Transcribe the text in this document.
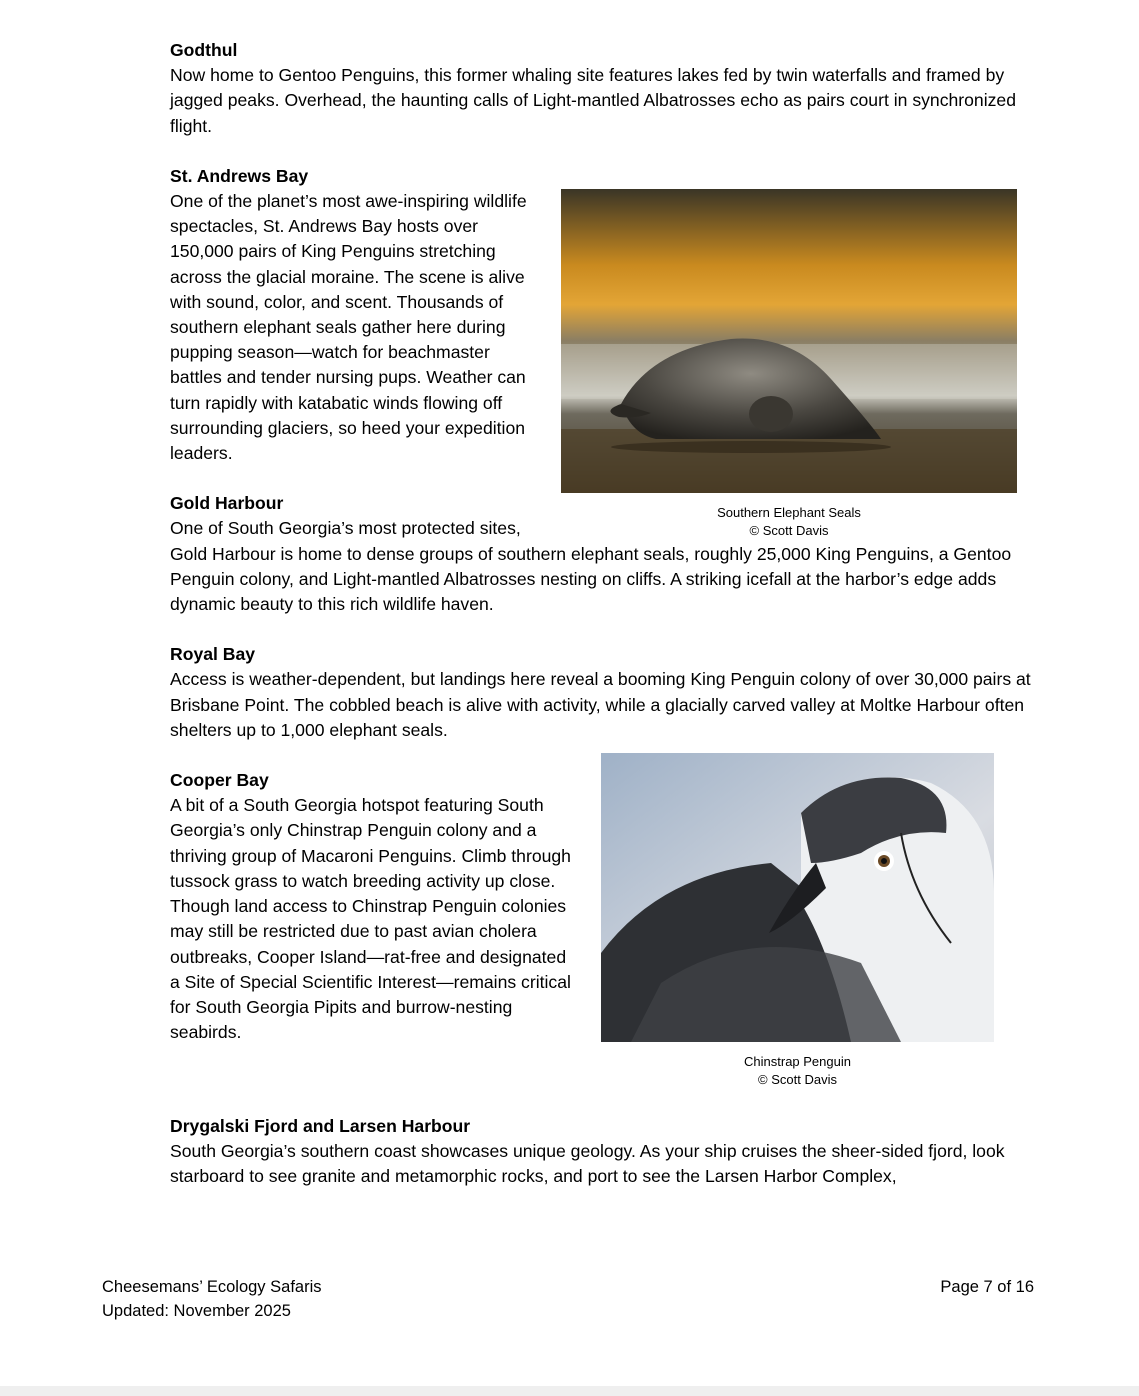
Godthul

Now home to Gentoo Penguins, this former whaling site features lakes fed by twin waterfalls and framed by jagged peaks. Overhead, the haunting calls of Light-mantled Albatrosses echo as pairs court in synchronized flight.

St. Andrews Bay
Southern Elephant Seals
© Scott Davis

One of the planet’s most awe-inspiring wildlife spectacles, St. Andrews Bay hosts over 150,000 pairs of King Penguins stretching across the glacial moraine. The scene is alive with sound, color, and scent. Thousands of southern elephant seals gather here during pupping season—watch for beachmaster battles and tender nursing pups. Weather can turn rapidly with katabatic winds flowing off surrounding glaciers, so heed your expedition leaders.

Gold Harbour

One of South Georgia’s most protected sites, Gold Harbour is home to dense groups of southern elephant seals, roughly 25,000 King Penguins, a Gentoo Penguin colony, and Light-mantled Albatrosses nesting on cliffs. A striking icefall at the harbor’s edge adds dynamic beauty to this rich wildlife haven.

Royal Bay

Access is weather-dependent, but landings here reveal a booming King Penguin colony of over 30,000 pairs at Brisbane Point. The cobbled beach is alive with activity, while a glacially carved valley at Moltke Harbour often shelters up to 1,000 elephant seals.

Chinstrap Penguin
© Scott Davis
Cooper Bay

A bit of a South Georgia hotspot featuring South Georgia’s only Chinstrap Penguin colony and a thriving group of Macaroni Penguins. Climb through tussock grass to watch breeding activity up close. Though land access to Chinstrap Penguin colonies may still be restricted due to past avian cholera outbreaks, Cooper Island—rat-free and designated a Site of Special Scientific Interest—remains critical for South Georgia Pipits and burrow-nesting seabirds.

Drygalski Fjord and Larsen Harbour

South Georgia’s southern coast showcases unique geology. As your ship cruises the sheer-sided fjord, look starboard to see granite and metamorphic rocks, and port to see the Larsen Harbor Complex,

Cheesemans’ Ecology Safaris
Updated: November 2025
Page 7 of 16
